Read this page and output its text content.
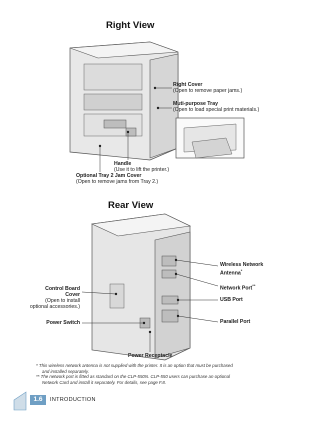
Right View
Right Cover
(Open to remove paper jams.)
Muti-purpose Tray
(Open to load special print materials.)
Handle
(Use it to lift the printer.)
Optional Tray 2 Jam Cover
(Open to remove jams from Tray 2.)
Rear View
Wireless Network
Antenna*
Network Port**
USB Port
Parallel Port
Control Board
Cover
(Open to install
optional accessories.)
Power Switch
Power Receptacle
* This wireless network antenna is not supplied with the printer. It is an option that must be purchased
and installed separately.
** The network port is fitted as standard on the CLP-550N. CLP-550 users can purchase an optional
Network Card and install it separately. For details, see page F.8.
1.6	INTRODUCTION
